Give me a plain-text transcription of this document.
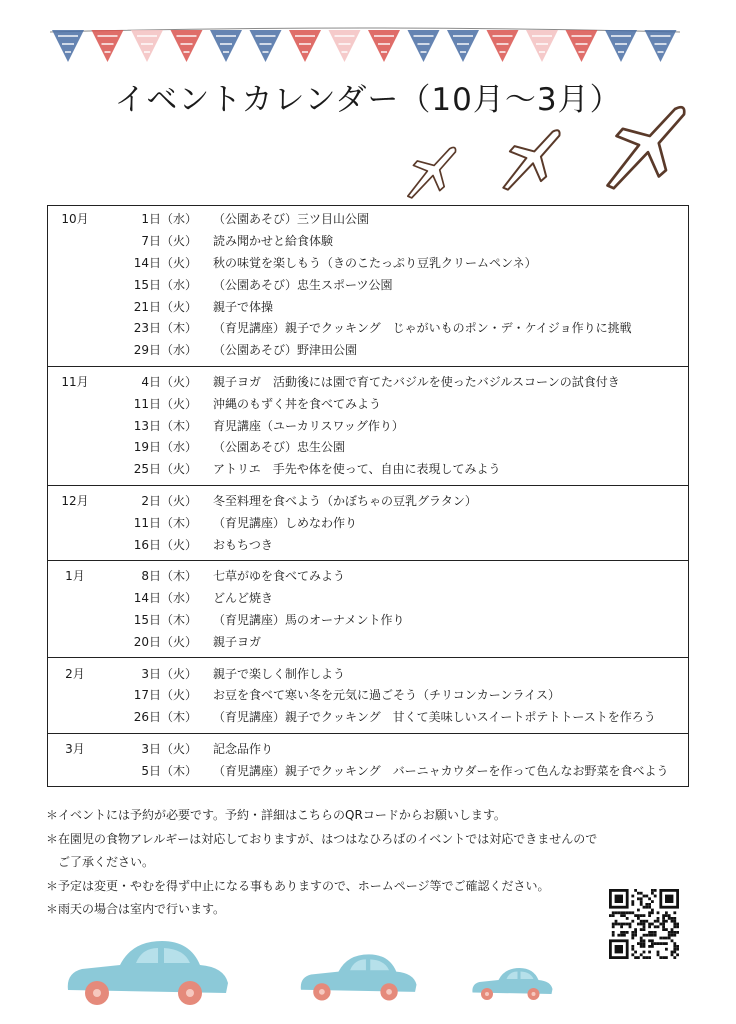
イベントカレンダー（10月～3月）
10月	1日（水）	（公園あそび）三ツ目山公園
7日（火）	読み聞かせと給食体験
14日（火）	秋の味覚を楽しもう（きのこたっぷり豆乳クリームペンネ）
15日（水）	（公園あそび）忠生スポーツ公園
21日（火）	親子で体操
23日（木）	（育児講座）親子でクッキング　じゃがいものポン・デ・ケイジョ作りに挑戦
29日（水）	（公園あそび）野津田公園
11月	4日（火）	親子ヨガ　活動後には園で育てたバジルを使ったバジルスコーンの試食付き
11日（火）	沖縄のもずく丼を食べてみよう
13日（木）	育児講座（ユーカリスワッグ作り）
19日（水）	（公園あそび）忠生公園
25日（火）	アトリエ　手先や体を使って、自由に表現してみよう
12月	2日（火）	冬至料理を食べよう（かぼちゃの豆乳グラタン）
11日（木）	（育児講座）しめなわ作り
16日（火）	おもちつき
1月	8日（木）	七草がゆを食べてみよう
14日（水）	どんど焼き
15日（木）	（育児講座）馬のオーナメント作り
20日（火）	親子ヨガ
2月	3日（火）	親子で楽しく制作しよう
17日（火）	お豆を食べて寒い冬を元気に過ごそう（チリコンカーンライス）
26日（木）	（育児講座）親子でクッキング　甘くて美味しいスイートポテトトーストを作ろう
3月	3日（火）	記念品作り
5日（木）	（育児講座）親子でクッキング　バーニャカウダーを作って色んなお野菜を食べよう
＊イベントには予約が必要です。予約・詳細はこちらのQRコードからお願いします。
＊在園児の食物アレルギーは対応しておりますが、はつはなひろばのイベントでは対応できませんので
　ご了承ください。
＊予定は変更・やむを得ず中止になる事もありますので、ホームページ等でご確認ください。
＊雨天の場合は室内で行います。
